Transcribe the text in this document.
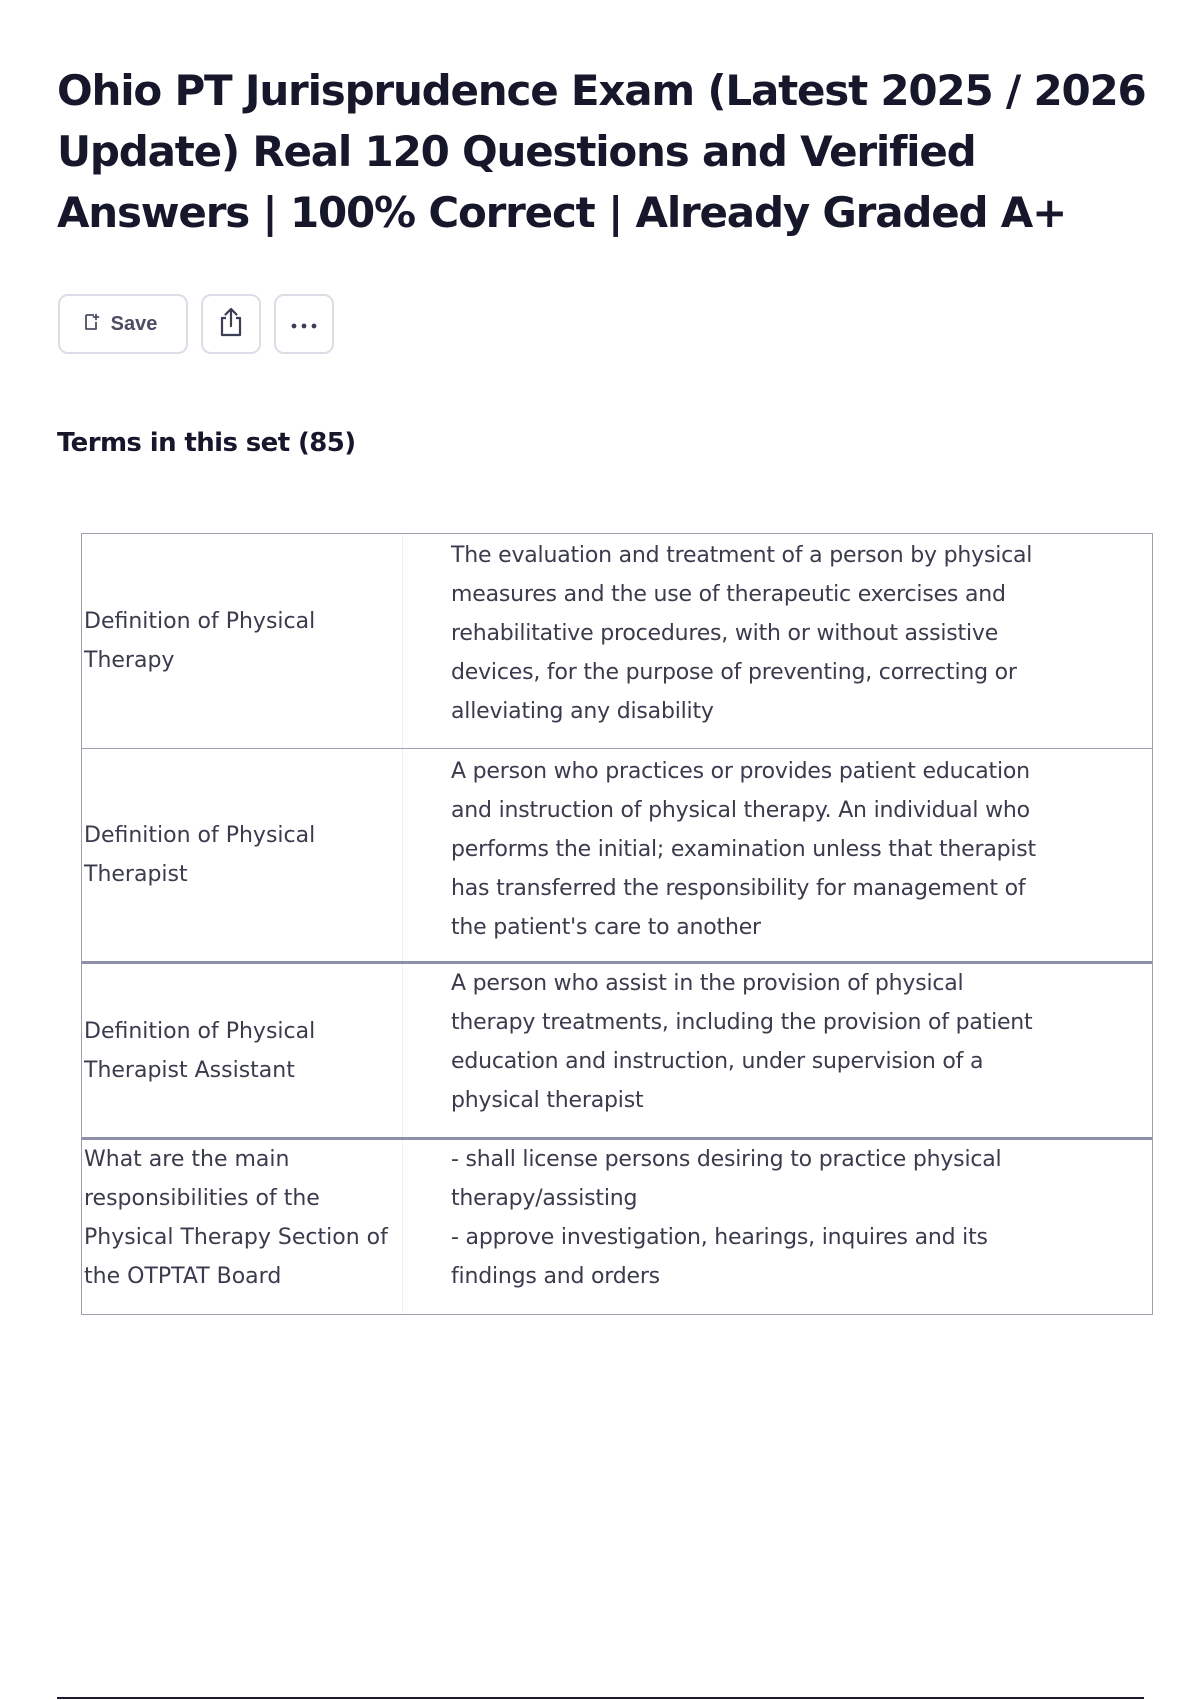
Ohio PT Jurisprudence Exam (Latest 2025 / 2026 Update) Real 120 Questions and Verified Answers | 100% Correct | Already Graded A+
Save
Terms in this set (85)
Definition of Physical Therapy
The evaluation and treatment of a person by physical
measures and the use of therapeutic exercises and
rehabilitative procedures, with or without assistive
devices, for the purpose of preventing, correcting or
alleviating any disability
Definition of Physical Therapist
A person who practices or provides patient education
and instruction of physical therapy. An individual who
performs the initial; examination unless that therapist
has transferred the responsibility for management of
the patient's care to another
Definition of Physical Therapist Assistant
A person who assist in the provision of physical
therapy treatments, including the provision of patient
education and instruction, under supervision of a
physical therapist
What are the main responsibilities of the Physical Therapy Section of the OTPTAT Board
- shall license persons desiring to practice physical
therapy/assisting
- approve investigation, hearings, inquires and its
findings and orders
